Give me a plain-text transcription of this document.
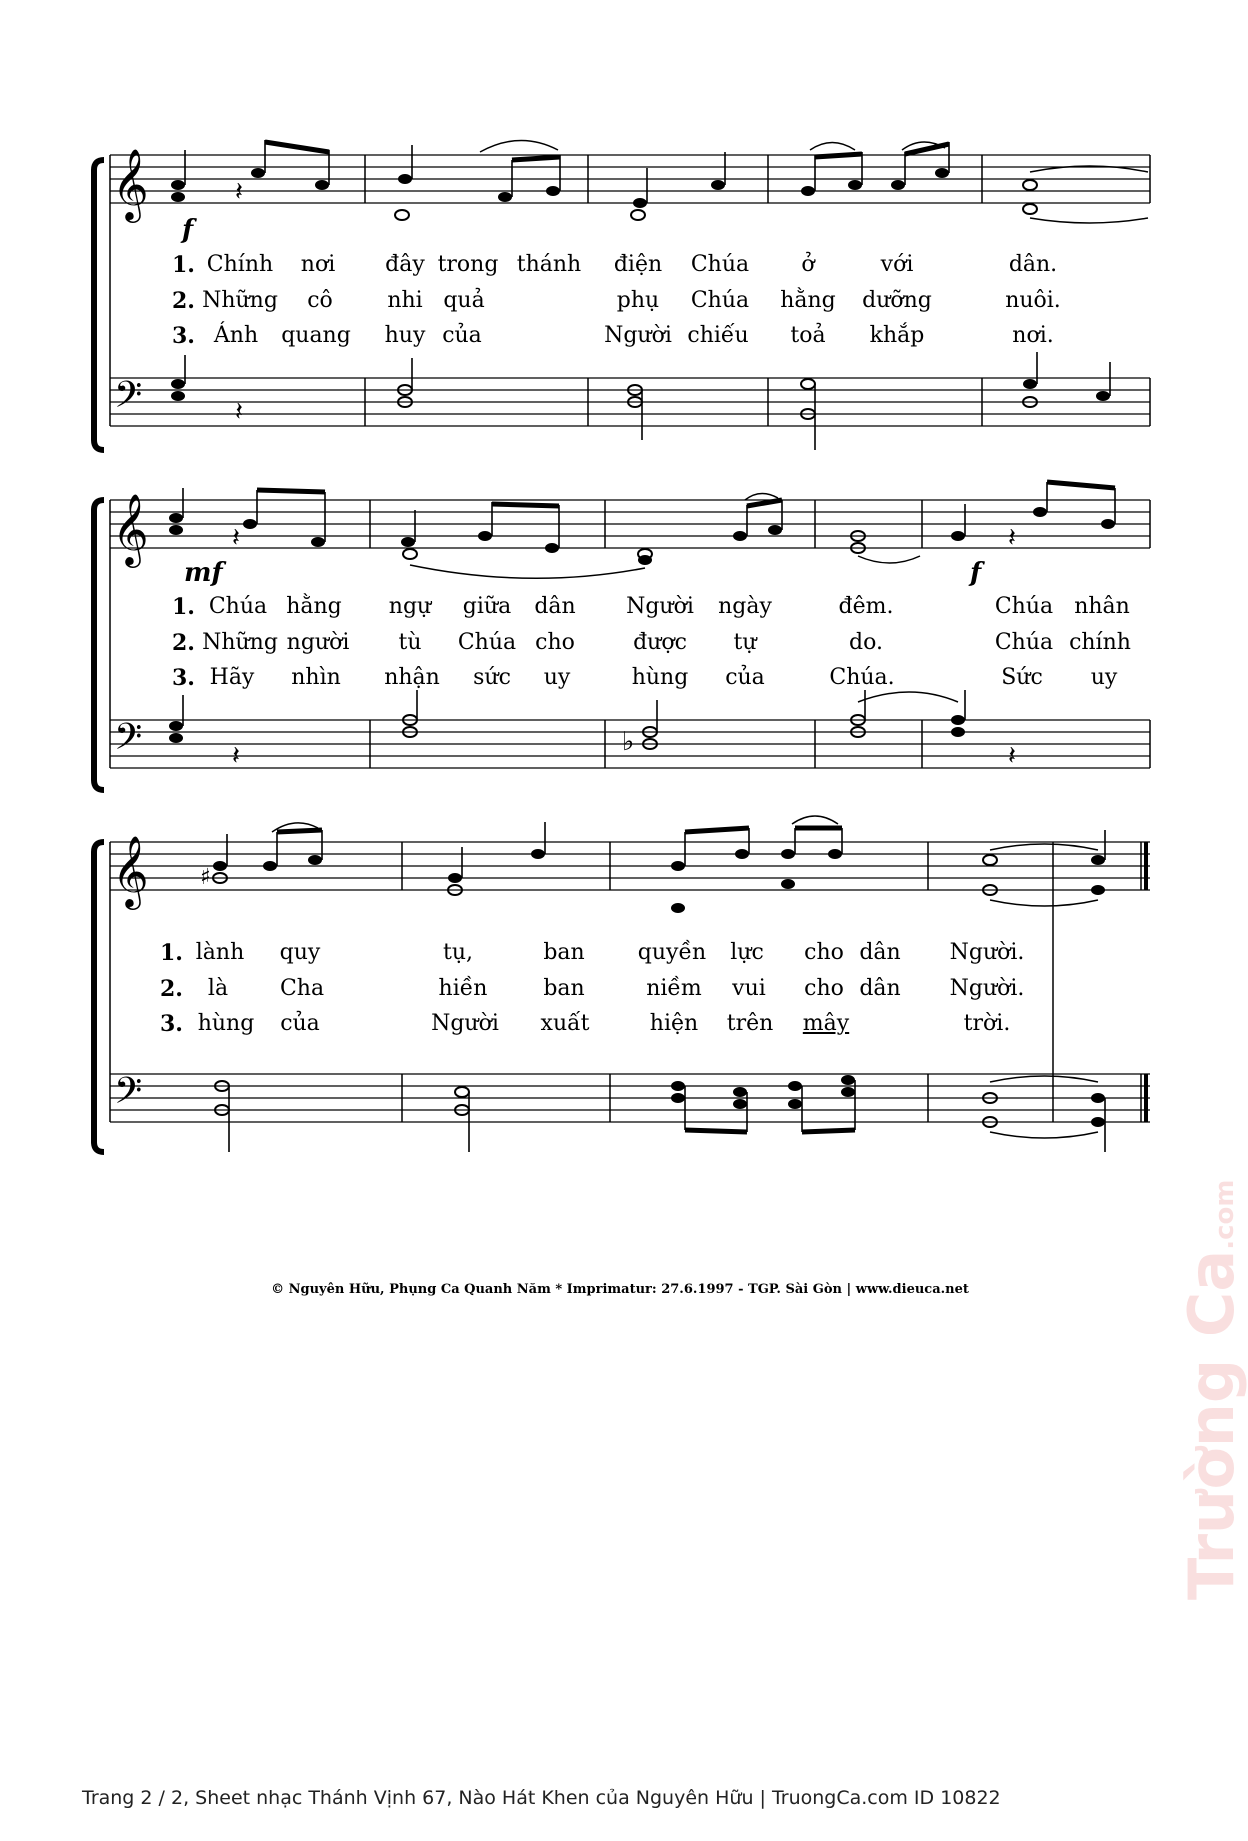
𝄞
𝄢
𝄽
𝄽
f
1.
2.
3.
Chính nơi đây trong thánh điện Chúa ở	với	dân.
Những cô nhi quả	phụ Chúa hằng dưỡng	nuôi.
Ánh quang huy của	Người chiếu toả khắp	nơi.
𝄞
𝄢	♭
𝄽
𝄽
𝄽
𝄽
mf	f
1.
2.
3.
Chúa hằng ngự giữa dân Người ngày	đêm.	Chúa nhân
Những người tù Chúa cho	được tự	do.	Chúa chính
Hãy nhìn nhận sức uy	hùng của	Chúa.	Sức uy
𝄞
𝄢
♯
1.
2.
3.
lành quy	tụ,	ban quyền lực cho dân Người.
là Cha	hiền	ban	niềm vui cho dân Người.
hùng của	Người xuất	hiện trên mây	trời.
© Nguyên Hữu, Phụng Ca Quanh Năm * Imprimatur: 27.6.1997 - TGP. Sài Gòn | www.dieuca.net	Trường Ca.com
Trang 2 / 2, Sheet nhạc Thánh Vịnh 67, Nào Hát Khen của Nguyên Hữu | TruongCa.com ID 10822
